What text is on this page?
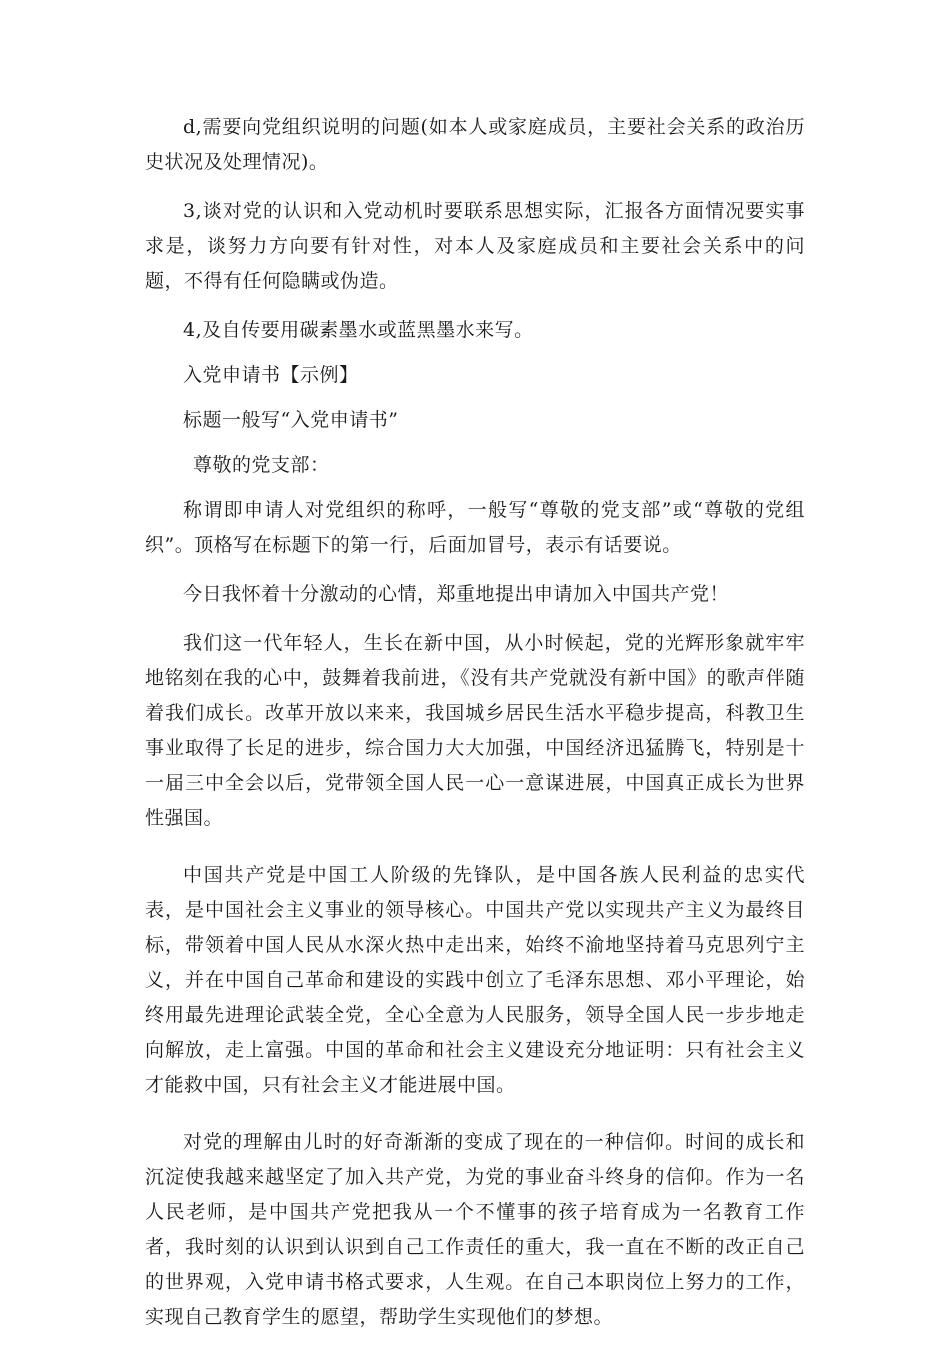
d,需要向党组织说明的问题(如本人或家庭成员，主要社会关系的政治历史状况及处理情况)。

3,谈对党的认识和入党动机时要联系思想实际，汇报各方面情况要实事求是，谈努力方向要有针对性，对本人及家庭成员和主要社会关系中的问题，不得有任何隐瞒或伪造。

4,及自传要用碳素墨水或蓝黑墨水来写。

入党申请书【示例】

标题一般写“入党申请书”

尊敬的党支部：

称谓即申请人对党组织的称呼，一般写“尊敬的党支部”或“尊敬的党组织”。顶格写在标题下的第一行，后面加冒号，表示有话要说。

今日我怀着十分激动的心情，郑重地提出申请加入中国共产党！

我们这一代年轻人，生长在新中国，从小时候起，党的光辉形象就牢牢地铭刻在我的心中，鼓舞着我前进，《没有共产党就没有新中国》的歌声伴随着我们成长。改革开放以来来，我国城乡居民生活水平稳步提高，科教卫生事业取得了长足的进步，综合国力大大加强，中国经济迅猛腾飞，特别是十一届三中全会以后，党带领全国人民一心一意谋进展，中国真正成长为世界性强国。

中国共产党是中国工人阶级的先锋队，是中国各族人民利益的忠实代表，是中国社会主义事业的领导核心。中国共产党以实现共产主义为最终目标，带领着中国人民从水深火热中走出来，始终不渝地坚持着马克思列宁主义，并在中国自己革命和建设的实践中创立了毛泽东思想、邓小平理论，始终用最先进理论武装全党，全心全意为人民服务，领导全国人民一步步地走向解放，走上富强。中国的革命和社会主义建设充分地证明：只有社会主义才能救中国，只有社会主义才能进展中国。

对党的理解由儿时的好奇渐渐的变成了现在的一种信仰。时间的成长和沉淀使我越来越坚定了加入共产党，为党的事业奋斗终身的信仰。作为一名人民老师，是中国共产党把我从一个不懂事的孩子培育成为一名教育工作者，我时刻的认识到认识到自己工作责任的重大，我一直在不断的改正自己的世界观，入党申请书格式要求，人生观。在自己本职岗位上努力的工作，实现自己教育学生的愿望，帮助学生实现他们的梦想。
